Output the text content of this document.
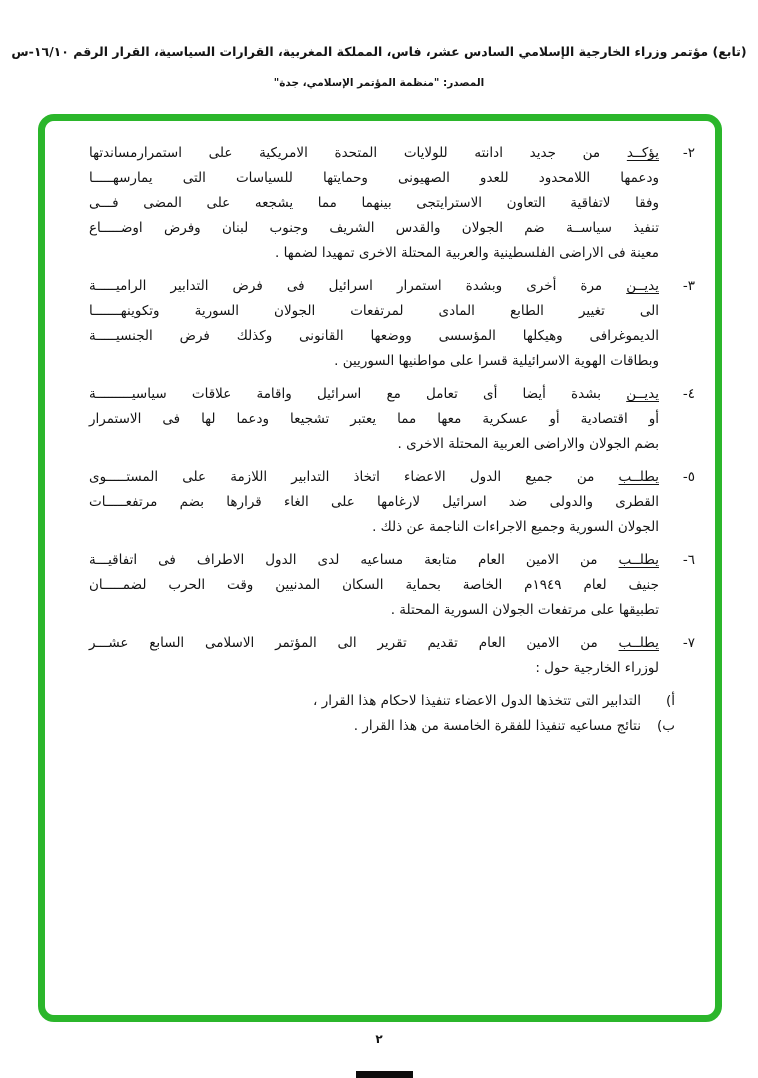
(تابع) مؤتمر وزراء الخارجية الإسلامي السادس عشر، فاس، المملكة المغربية، القرارات السياسية، القرار الرقم ١٦/١٠-س
المصدر: "منظمة المؤتمر الإسلامي، جدة"
٢-
يؤكــد من جديد ادانته للولايات المتحدة الامريكية على استمرارمساندتها
ودعمها اللامحدود للعدو الصهيونى وحمايتها للسياسات التى يمارسهـــــا
وفقا لاتفاقية التعاون الاسترايتجى بينهما مما يشجعه على المضى فـــى
تنفيذ سياســة ضم الجولان والقدس الشريف وجنوب لبنان وفرض اوضـــــاع
معينة فى الاراضى الفلسطينية والعربية المحتلة الاخرى تمهيدا لضمها .
٣-
يديــن مرة أخرى وبشدة استمرار اسرائيل فى فرض التدابير الراميـــــة
الى تغيير الطابع المادى لمرتفعات الجولان السورية وتكوينهـــــــا
الديموغرافى وهيكلها المؤسسى ووضعها القانونى وكذلك فرض الجنسيـــــة
وبطاقات الهوية الاسرائيلية قسرا على مواطنيها السوريين .
٤-
يديــن بشدة أيضا أى تعامل مع اسرائيل واقامة علاقات سياسيـــــــــة
أو اقتصادية أو عسكرية معها مما يعتبر تشجيعا ودعما لها فى الاستمرار
بضم الجولان والاراضى العربية المحتلة الاخرى .
٥-
يطلــب من جميع الدول الاعضاء اتخاذ التدابير اللازمة على المستـــــوى
القطرى والدولى ضد اسرائيل لارغامها على الغاء قرارها بضم مرتفعـــــات
الجولان السورية وجميع الاجراءات الناجمة عن ذلك .
٦-
يطلــب من الامين العام متابعة مساعيه لدى الدول الاطراف فى اتفاقيـــة
جنيف لعام ١٩٤٩م الخاصة بحماية السكان المدنيين وقت الحرب لضمـــــان
تطبيقها على مرتفعات الجولان السورية المحتلة .
٧-
يطلــب من الامين العام تقديم تقرير الى المؤتمر الاسلامى السابع عشـــر
لوزراء الخارجية حول :
أ)
التدابير التى تتخذها الدول الاعضاء تنفيذا لاحكام هذا القرار ،
ب)
نتائج مساعيه تنفيذا للفقرة الخامسة من هذا القرار .
٢
